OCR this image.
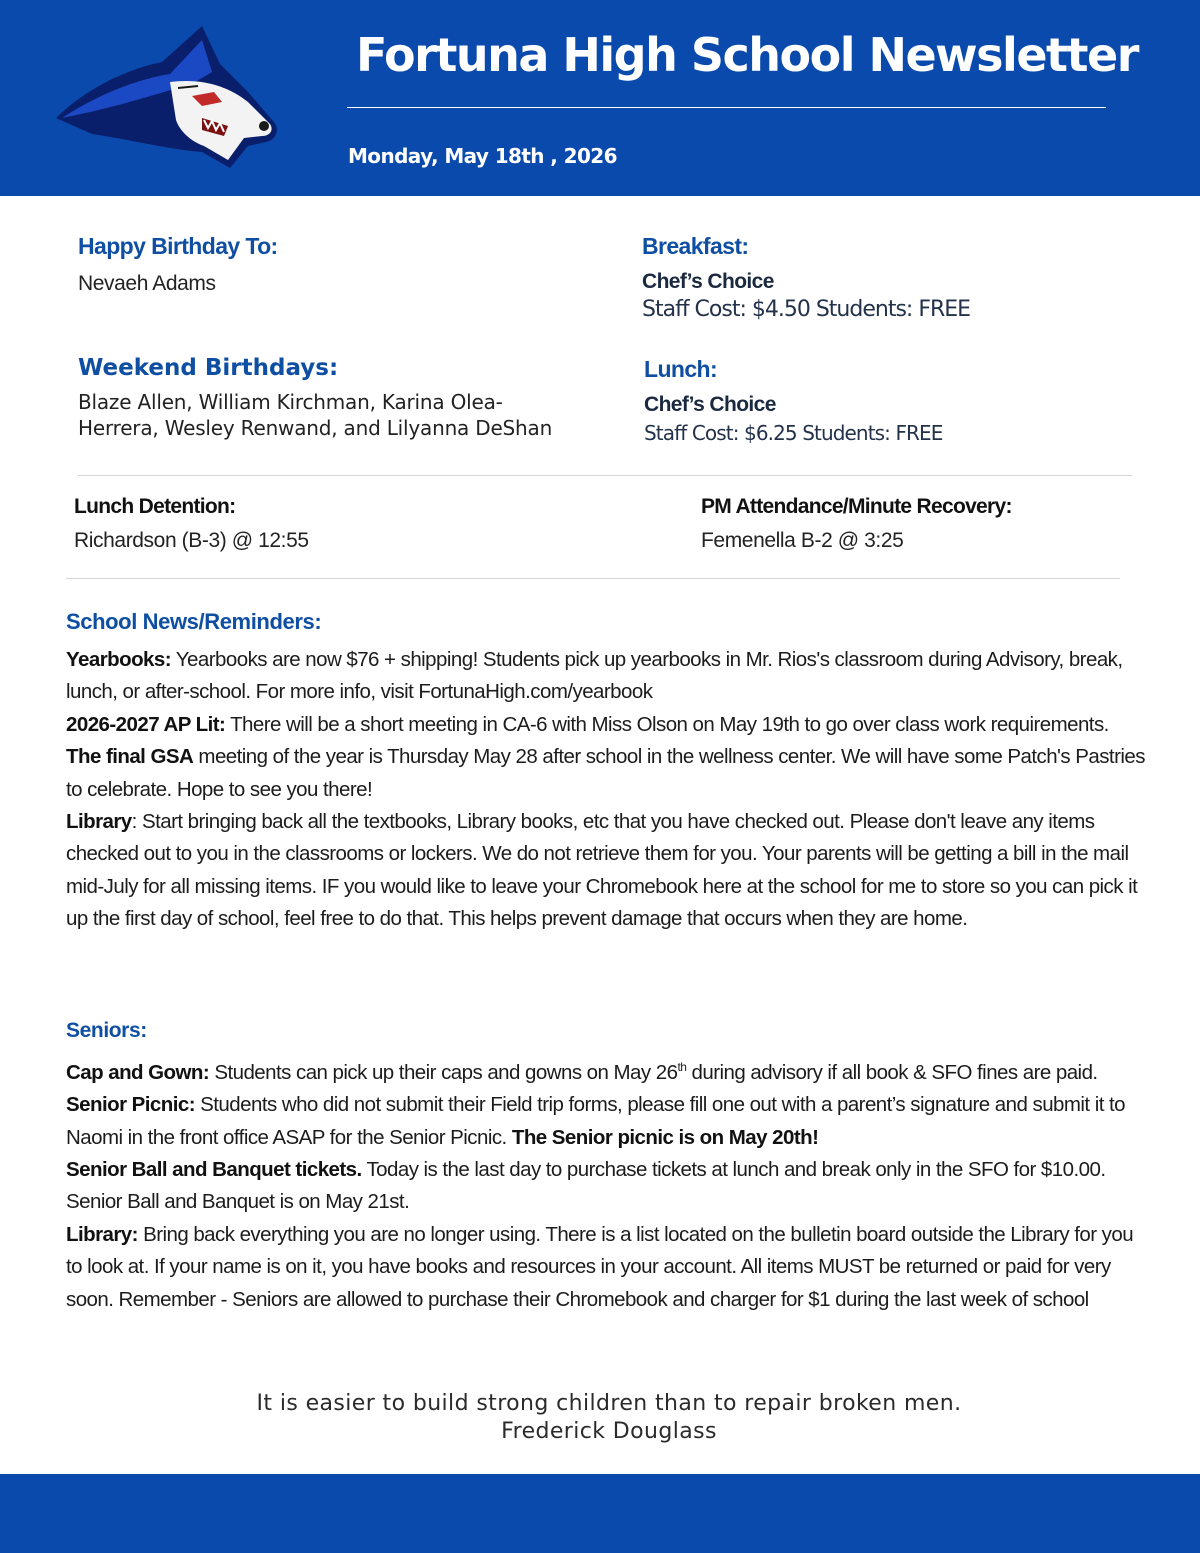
Fortuna High School Newsletter
Monday, May 18th , 2026
Happy Birthday To:
Nevaeh Adams
Weekend Birthdays:
Blaze Allen, William Kirchman, Karina Olea-
Herrera, Wesley Renwand, and Lilyanna DeShan
Breakfast:
Chef’s Choice
Staff Cost: $4.50 Students: FREE
Lunch:
Chef’s Choice
Staff Cost: $6.25 Students: FREE
Lunch Detention:
Richardson (B-3) @ 12:55
PM Attendance/Minute Recovery:
Femenella B-2 @ 3:25
School News/Reminders:
Yearbooks: Yearbooks are now $76 + shipping! Students pick up yearbooks in Mr. Rios's classroom during Advisory, break, lunch, or after-school. For more info, visit FortunaHigh.com/yearbook
2026-2027 AP Lit: There will be a short meeting in CA-6 with Miss Olson on May 19th to go over class work requirements.
The final GSA meeting of the year is Thursday May 28 after school in the wellness center. We will have some Patch's Pastries to celebrate. Hope to see you there!
Library: Start bringing back all the textbooks, Library books, etc that you have checked out. Please don't leave any items checked out to you in the classrooms or lockers. We do not retrieve them for you. Your parents will be getting a bill in the mail mid-July for all missing items. IF you would like to leave your Chromebook here at the school for me to store so you can pick it up the first day of school, feel free to do that. This helps prevent damage that occurs when they are home.
Seniors:
Cap and Gown: Students can pick up their caps and gowns on May 26th during advisory if all book & SFO fines are paid.
Senior Picnic: Students who did not submit their Field trip forms, please fill one out with a parent’s signature and submit it to Naomi in the front office ASAP for the Senior Picnic. The Senior picnic is on May 20th!
Senior Ball and Banquet tickets. Today is the last day to purchase tickets at lunch and break only in the SFO for $10.00. Senior Ball and Banquet is on May 21st.
Library: Bring back everything you are no longer using. There is a list located on the bulletin board outside the Library for you to look at. If your name is on it, you have books and resources in your account. All items MUST be returned or paid for very soon. Remember - Seniors are allowed to purchase their Chromebook and charger for $1 during the last week of school
It is easier to build strong children than to repair broken men.
Frederick Douglass
